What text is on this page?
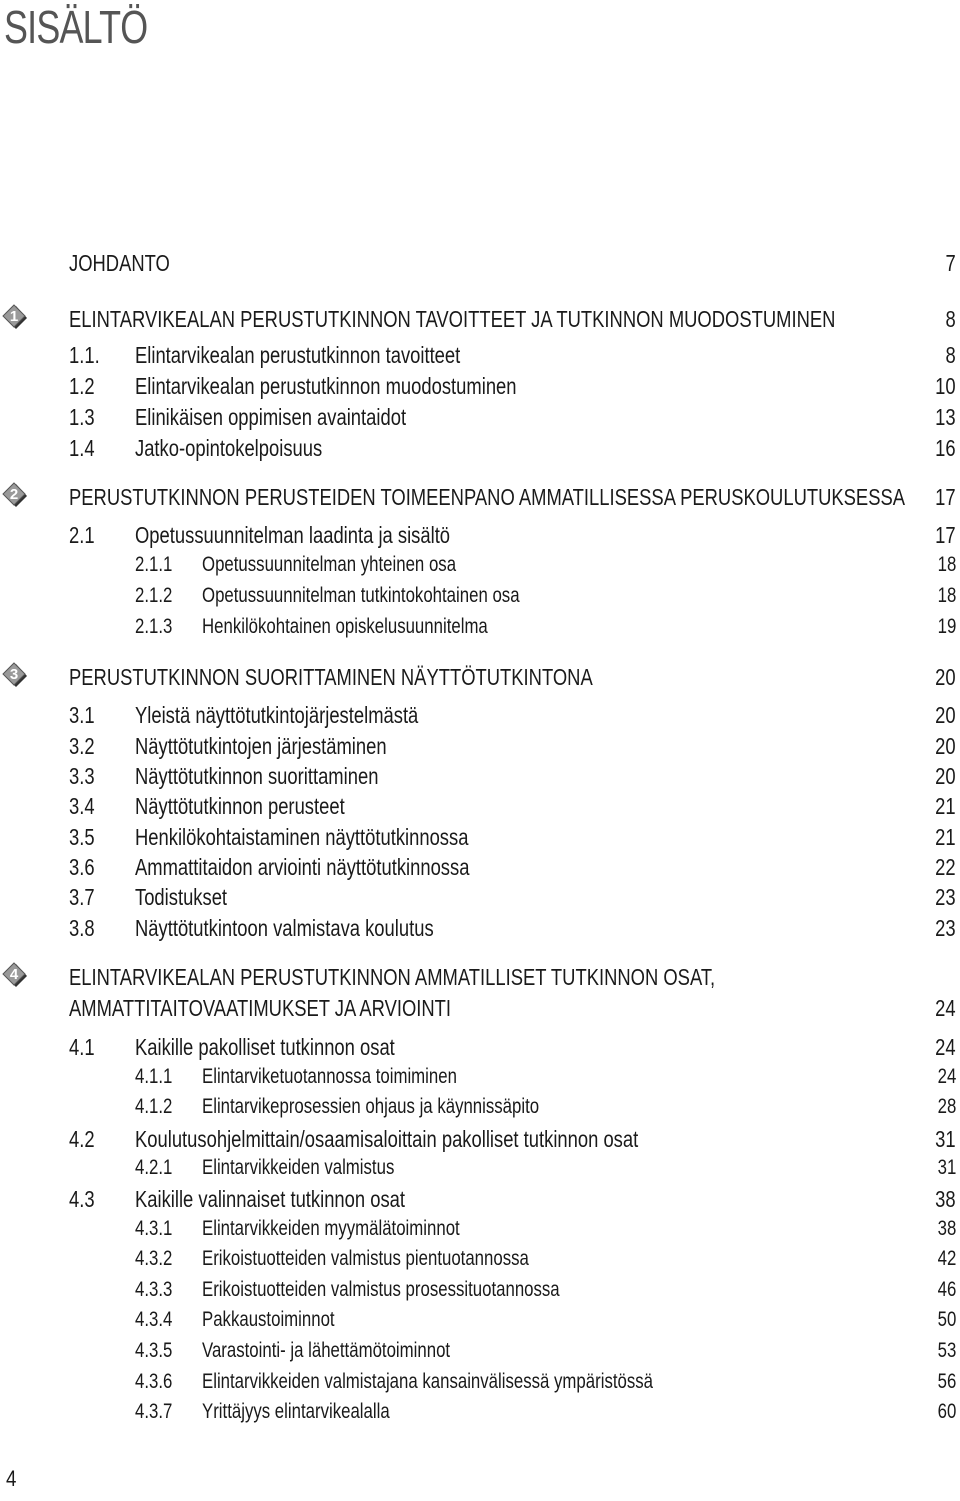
SISÄLTÖ
JOHDANTO	7
ELINTARVIKEALAN PERUSTUTKINNON TAVOITTEET JA TUTKINNON MUODOSTUMINEN	8
1.1. Elintarvikealan perustutkinnon tavoitteet	8
1.2 Elintarvikealan perustutkinnon muodostuminen	10
1.3 Elinikäisen oppimisen avaintaidot	13
1.4 Jatko-opintokelpoisuus	16
PERUSTUTKINNON PERUSTEIDEN TOIMEENPANO AMMATILLISESSA PERUSKOULUTUKSESSA 17
2.1 Opetussuunnitelman laadinta ja sisältö	17
2.1.1 Opetussuunnitelman yhteinen osa	18
2.1.2 Opetussuunnitelman tutkintokohtainen osa	18
2.1.3 Henkilökohtainen opiskelusuunnitelma	19
PERUSTUTKINNON SUORITTAMINEN NÄYTTÖTUTKINTONA	20
3.1 Yleistä näyttötutkintojärjestelmästä	20
3.2 Näyttötutkintojen järjestäminen	20
3.3 Näyttötutkinnon suorittaminen	20
3.4 Näyttötutkinnon perusteet	21
3.5 Henkilökohtaistaminen näyttötutkinnossa	21
3.6 Ammattitaidon arviointi näyttötutkinnossa	22
3.7 Todistukset	23
3.8 Näyttötutkintoon valmistava koulutus	23
ELINTARVIKEALAN PERUSTUTKINNON AMMATILLISET TUTKINNON OSAT,
AMMATTITAITOVAATIMUKSET JA ARVIOINTI	24
4.1 Kaikille pakolliset tutkinnon osat	24
4.1.1 Elintarviketuotannossa toimiminen	24
4.1.2 Elintarvikeprosessien ohjaus ja käynnissäpito	28
4.2 Koulutusohjelmittain/osaamisaloittain pakolliset tutkinnon osat	31
4.2.1 Elintarvikkeiden valmistus	31
4.3 Kaikille valinnaiset tutkinnon osat	38
4.3.1 Elintarvikkeiden myymälätoiminnot	38
4.3.2 Erikoistuotteiden valmistus pientuotannossa	42
4.3.3 Erikoistuotteiden valmistus prosessituotannossa	46
4.3.4 Pakkaustoiminnot	50
4.3.5 Varastointi- ja lähettämötoiminnot	53
4.3.6 Elintarvikkeiden valmistajana kansainvälisessä ympäristössä	56
4.3.7 Yrittäjyys elintarvikealalla	60
4
1
2
3
4
